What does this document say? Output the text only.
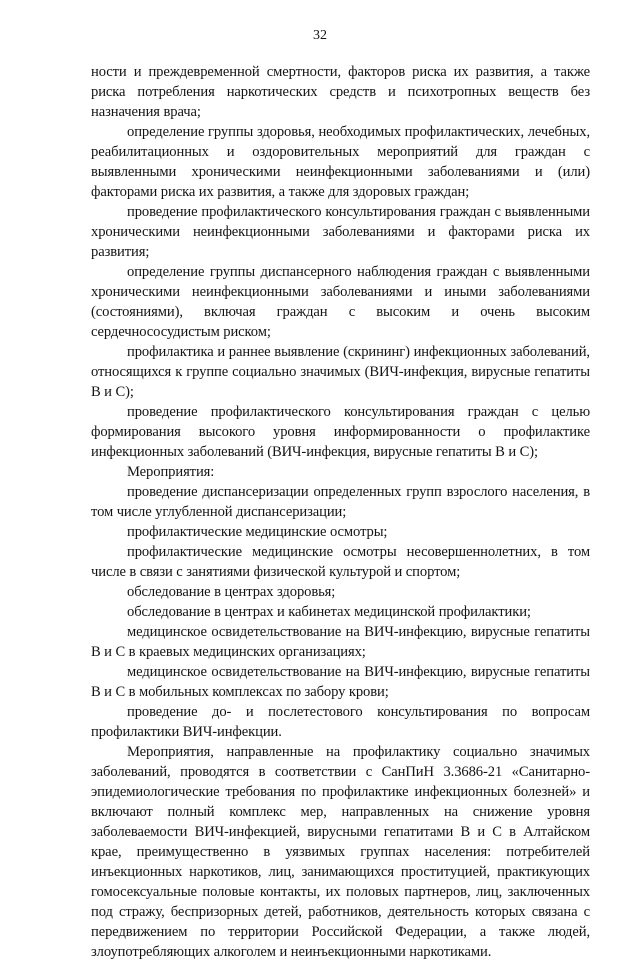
32

ности и преждевременной смертности, факторов риска их развития, а также риска потребления наркотических средств и психотропных веществ без назначения врача;

определение группы здоровья, необходимых профилактических, лечебных, реабилитационных и оздоровительных мероприятий для граждан с выявленными хроническими неинфекционными заболеваниями и (или) факторами риска их развития, а также для здоровых граждан;

проведение профилактического консультирования граждан с выявленными хроническими неинфекционными заболеваниями и факторами риска их развития;

определение группы диспансерного наблюдения граждан с выявленными хроническими неинфекционными заболеваниями и иными заболеваниями (состояниями), включая граждан с высоким и очень высоким сердечнососудистым риском;

профилактика и раннее выявление (скрининг) инфекционных заболеваний, относящихся к группе социально значимых (ВИЧ-инфекция, вирусные гепатиты В и С);

проведение профилактического консультирования граждан с целью формирования высокого уровня информированности о профилактике инфекционных заболеваний (ВИЧ-инфекция, вирусные гепатиты В и С);

Мероприятия:

проведение диспансеризации определенных групп взрослого населения, в том числе углубленной диспансеризации;

профилактические медицинские осмотры;

профилактические медицинские осмотры несовершеннолетних, в том числе в связи с занятиями физической культурой и спортом;

обследование в центрах здоровья;

обследование в центрах и кабинетах медицинской профилактики;

медицинское освидетельствование на ВИЧ-инфекцию, вирусные гепатиты В и С в краевых медицинских организациях;

медицинское освидетельствование на ВИЧ-инфекцию, вирусные гепатиты В и С в мобильных комплексах по забору крови;

проведение до- и послетестового консультирования по вопросам профилактики ВИЧ-инфекции.

Мероприятия, направленные на профилактику социально значимых заболеваний, проводятся в соответствии с СанПиН 3.3686-21 «Санитарно-эпидемиологические требования по профилактике инфекционных болезней» и включают полный комплекс мер, направленных на снижение уровня заболеваемости ВИЧ-инфекцией, вирусными гепатитами В и С в Алтайском крае, преимущественно в уязвимых группах населения: потребителей инъекционных наркотиков, лиц, занимающихся проституцией, практикующих гомосексуальные половые контакты, их половых партнеров, лиц, заключенных под стражу, беспризорных детей, работников, деятельность которых связана с передвижением по территории Российской Федерации, а также людей, злоупотребляющих алкоголем и неинъекционными наркотиками.
